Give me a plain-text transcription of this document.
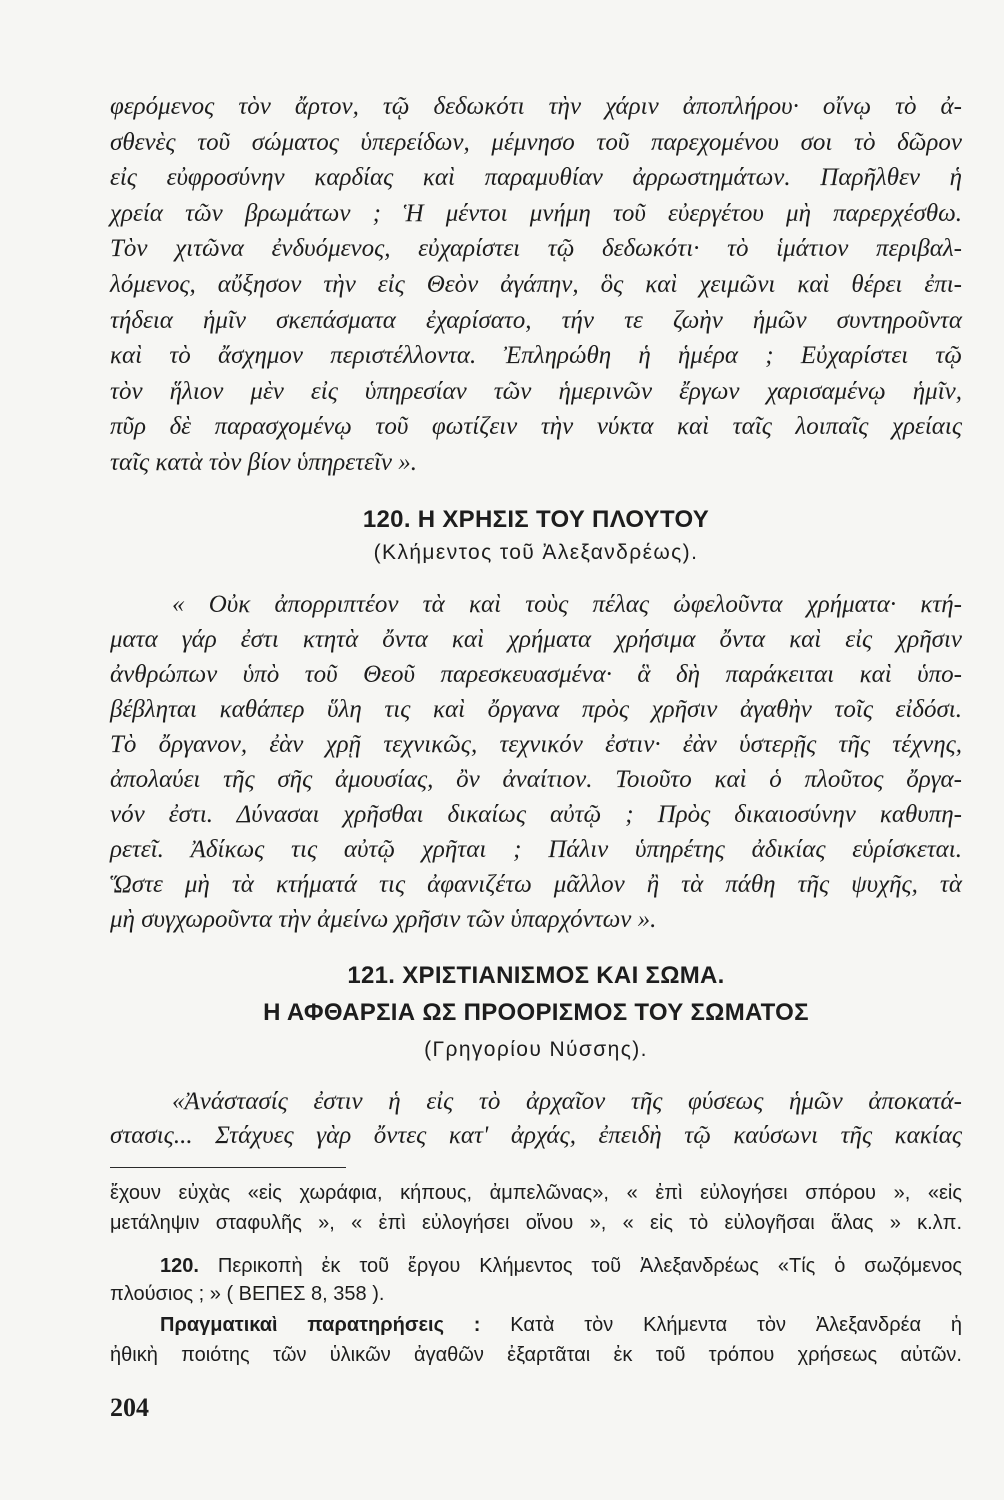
φερόμενος τὸν ἄρτον, τῷ δεδωκότι τὴν χάριν ἀποπλήρου· οἴνῳ τὸ ἀ-
σθενὲς τοῦ σώματος ὑπερείδων, μέμνησο τοῦ παρεχομένου σοι τὸ δῶρον
εἰς εὐφροσύνην καρδίας καὶ παραμυθίαν ἀρρωστημάτων. Παρῆλθεν ἡ
χρεία τῶν βρωμάτων ; Ἡ μέντοι μνήμη τοῦ εὐεργέτου μὴ παρερχέσθω.
Τὸν χιτῶνα ἐνδυόμενος, εὐχαρίστει τῷ δεδωκότι· τὸ ἱμάτιον περιβαλ-
λόμενος, αὔξησον τὴν εἰς Θεὸν ἀγάπην, ὃς καὶ χειμῶνι καὶ θέρει ἐπι-
τήδεια ἡμῖν σκεπάσματα ἐχαρίσατο, τήν τε ζωὴν ἡμῶν συντηροῦντα
καὶ τὸ ἄσχημον περιστέλλοντα. Ἐπληρώθη ἡ ἡμέρα ; Εὐχαρίστει τῷ
τὸν ἥλιον μὲν εἰς ὑπηρεσίαν τῶν ἡμερινῶν ἔργων χαρισαμένῳ ἡμῖν,
πῦρ δὲ παρασχομένῳ τοῦ φωτίζειν τὴν νύκτα καὶ ταῖς λοιπαῖς χρείαις
ταῖς κατὰ τὸν βίον ὑπηρετεῖν ».
120. Η ΧΡΗΣΙΣ ΤΟΥ ΠΛΟΥΤΟΥ
(Κλήμεντος τοῦ Ἀλεξανδρέως).
« Οὐκ ἀπορριπτέον τὰ καὶ τοὺς πέλας ὠφελοῦντα χρήματα· κτή-
ματα γάρ ἐστι κτητὰ ὄντα καὶ χρήματα χρήσιμα ὄντα καὶ εἰς χρῆσιν
ἀνθρώπων ὑπὸ τοῦ Θεοῦ παρεσκευασμένα· ἃ δὴ παράκειται καὶ ὑπο-
βέβληται καθάπερ ὕλη τις καὶ ὄργανα πρὸς χρῆσιν ἀγαθὴν τοῖς εἰδόσι.
Τὸ ὄργανον, ἐὰν χρῇ τεχνικῶς, τεχνικόν ἐστιν· ἐὰν ὑστερῇς τῆς τέχνης,
ἀπολαύει τῆς σῆς ἀμουσίας, ὂν ἀναίτιον. Τοιοῦτο καὶ ὁ πλοῦτος ὄργα-
νόν ἐστι. Δύνασαι χρῆσθαι δικαίως αὐτῷ ; Πρὸς δικαιοσύνην καθυπη-
ρετεῖ. Ἀδίκως τις αὐτῷ χρῆται ; Πάλιν ὑπηρέτης ἀδικίας εὑρίσκεται.
Ὥστε μὴ τὰ κτήματά τις ἀφανιζέτω μᾶλλον ἢ τὰ πάθη τῆς ψυχῆς, τὰ
μὴ συγχωροῦντα τὴν ἀμείνω χρῆσιν τῶν ὑπαρχόντων ».
121. ΧΡΙΣΤΙΑΝΙΣΜΟΣ ΚΑΙ ΣΩΜΑ.
Η ΑΦΘΑΡΣΙΑ ΩΣ ΠΡΟΟΡΙΣΜΟΣ ΤΟΥ ΣΩΜΑΤΟΣ
(Γρηγορίου Νύσσης).
«Ἀνάστασίς ἐστιν ἡ εἰς τὸ ἀρχαῖον τῆς φύσεως ἡμῶν ἀποκατά-
στασις... Στάχυες γὰρ ὄντες κατ' ἀρχάς, ἐπειδὴ τῷ καύσωνι τῆς κακίας
ἔχουν εὐχὰς «εἰς χωράφια, κήπους, ἀμπελῶνας», « ἐπὶ εὐλογήσει σπόρου », «εἰς
μετάληψιν σταφυλῆς », « ἐπὶ εὐλογήσει οἴνου », « εἰς τὸ εὐλογῆσαι ἅλας » κ.λπ.
120. Περικοπὴ ἐκ τοῦ ἔργου Κλήμεντος τοῦ Ἀλεξανδρέως «Τίς ὁ σωζόμενος
πλούσιος ; » ( ΒΕΠΕΣ 8, 358 ).
Πραγματικαὶ παρατηρήσεις : Κατὰ τὸν Κλήμεντα τὸν Ἀλεξανδρέα ἡ
ἠθικὴ ποιότης τῶν ὑλικῶν ἀγαθῶν ἐξαρτᾶται ἐκ τοῦ τρόπου χρήσεως αὐτῶν.
204
